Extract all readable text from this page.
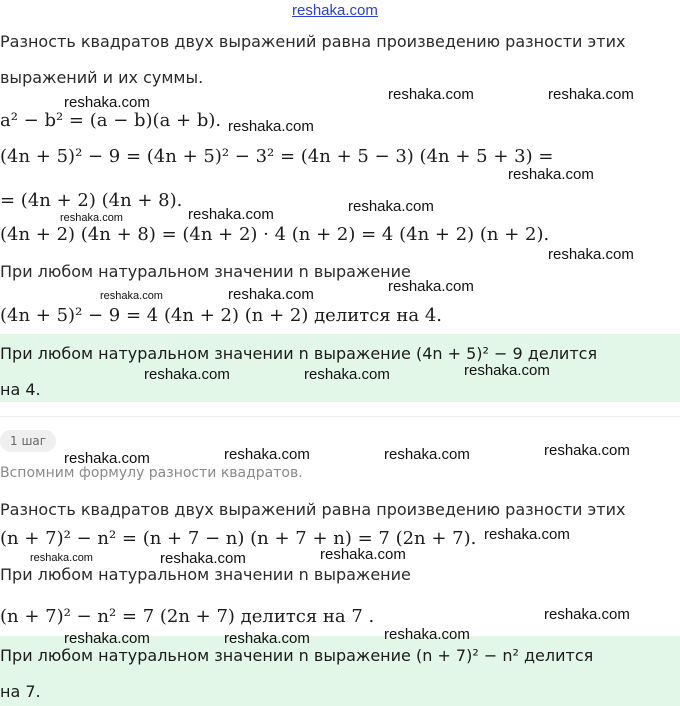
reshaka.com
Разность квадратов двух выражений равна произведению разности этих
выражений и их суммы.
a² − b² = (a − b)(a + b).
(4n + 5)² − 9 = (4n + 5)² − 3² = (4n + 5 − 3) (4n + 5 + 3) =
= (4n + 2) (4n + 8).
(4n + 2) (4n + 8) = (4n + 2) · 4 (n + 2) = 4 (4n + 2) (n + 2).
При любом натуральном значении n выражение
(4n + 5)² − 9 = 4 (4n + 2) (n + 2) делится на 4.
При любом натуральном значении n выражение (4n + 5)² − 9 делится
на 4.
1 шаг
Вспомним формулу разности квадратов.
Разность квадратов двух выражений равна произведению разности этих
(n + 7)² − n² = (n + 7 − n) (n + 7 + n) = 7 (2n + 7).
При любом натуральном значении n выражение
(n + 7)² − n² = 7 (2n + 7) делится на 7 .
При любом натуральном значении n выражение (n + 7)² − n² делится
на 7.
reshaka.com	reshaka.com	reshaka.com
reshaka.com
reshaka.com
reshaka.com	reshaka.com
reshaka.com
reshaka.com
reshaka.com
reshaka.com	reshaka.com
reshaka.com	reshaka.com	reshaka.com
reshaka.com	reshaka.com	reshaka.com	reshaka.com
reshaka.com
reshaka.com	reshaka.com	reshaka.com
reshaka.com
reshaka.com	reshaka.com	reshaka.com
